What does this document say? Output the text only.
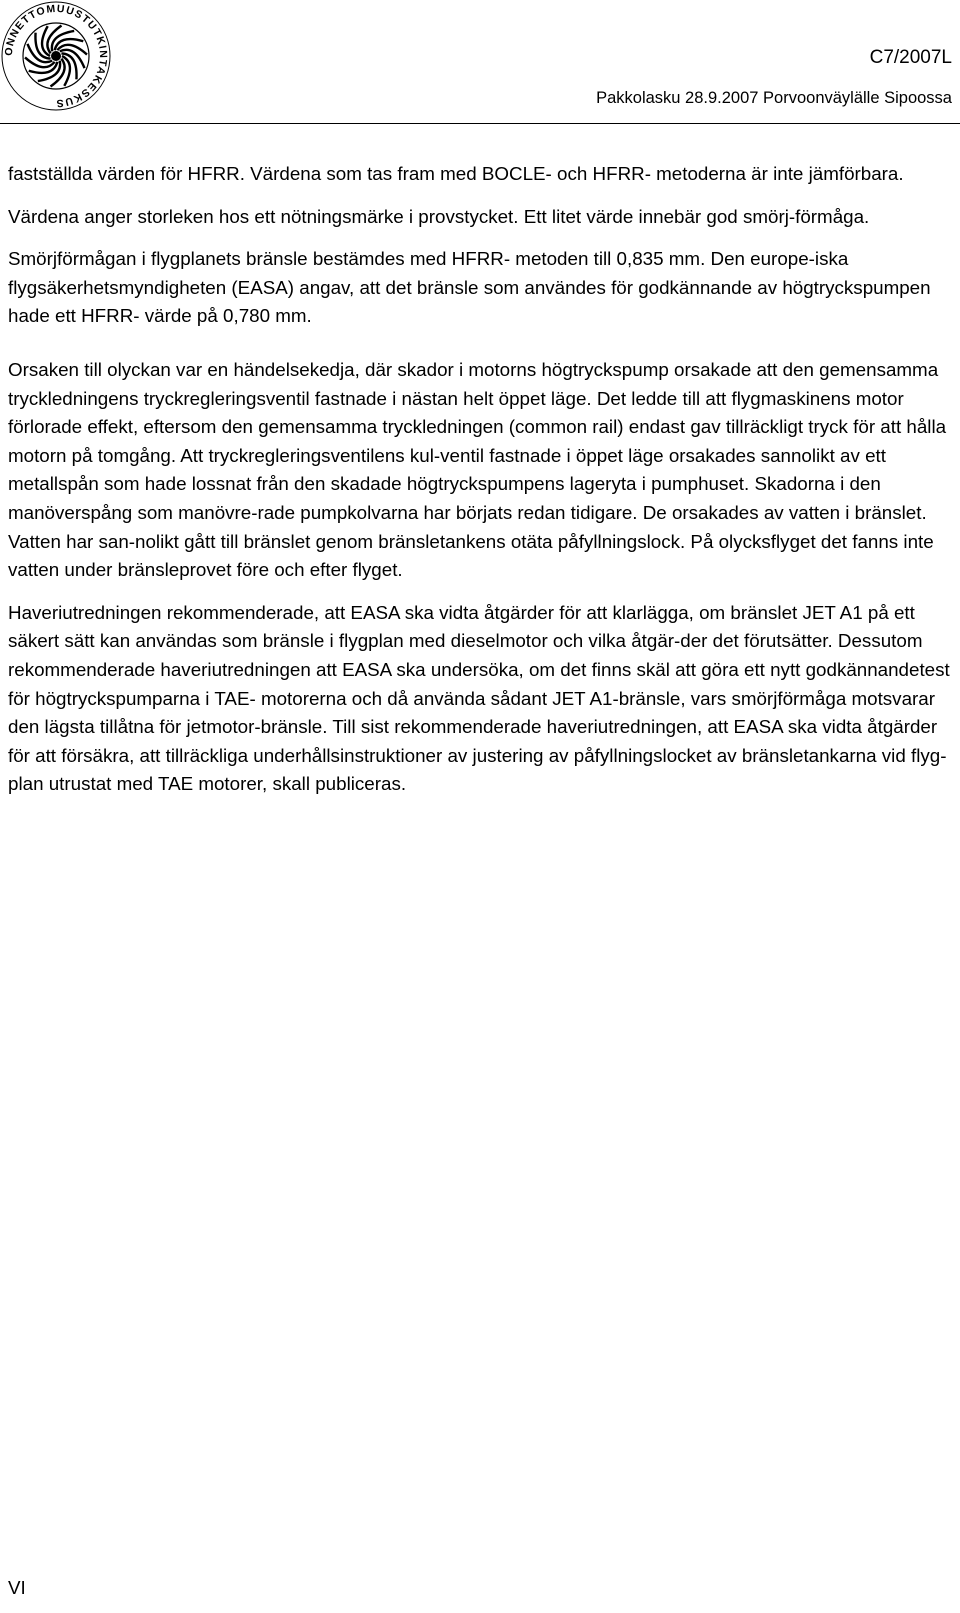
ONNETTOMUUSTUTKINTAKESKUS
C7/2007L
Pakkolasku 28.9.2007 Porvoonväylälle Sipoossa

fastställda värden för HFRR. Värdena som tas fram med BOCLE- och HFRR- metoderna är inte jämförbara.

Värdena anger storleken hos ett nötningsmärke i provstycket. Ett litet värde innebär god smörj-förmåga.

Smörjförmågan i flygplanets bränsle bestämdes med HFRR- metoden till 0,835 mm. Den europe-iska flygsäkerhetsmyndigheten (EASA) angav, att det bränsle som användes för godkännande av högtryckspumpen hade ett HFRR- värde på 0,780 mm.

Orsaken till olyckan var en händelsekedja, där skador i motorns högtryckspump orsakade att den gemensamma tryckledningens tryckregleringsventil fastnade i nästan helt öppet läge. Det ledde till att flygmaskinens motor förlorade effekt, eftersom den gemensamma tryckledningen (common rail) endast gav tillräckligt tryck för att hålla motorn på tomgång. Att tryckregleringsventilens kul-ventil fastnade i öppet läge orsakades sannolikt av ett metallspån som hade lossnat från den skadade högtryckspumpens lageryta i pumphuset. Skadorna i den manöverspång som manövre-rade pumpkolvarna har börjats redan tidigare. De orsakades av vatten i bränslet. Vatten har san-nolikt gått till bränslet genom bränsletankens otäta påfyllningslock. På olycksflyget det fanns inte vatten under bränsleprovet före och efter flyget.

Haveriutredningen rekommenderade, att EASA ska vidta åtgärder för att klarlägga, om bränslet JET A1 på ett säkert sätt kan användas som bränsle i flygplan med dieselmotor och vilka åtgär-der det förutsätter. Dessutom rekommenderade haveriutredningen att EASA ska undersöka, om det finns skäl att göra ett nytt godkännandetest för högtryckspumparna i TAE- motorerna och då använda sådant JET A1-bränsle, vars smörjförmåga motsvarar den lägsta tillåtna för jetmotor-bränsle. Till sist rekommenderade haveriutredningen, att EASA ska vidta åtgärder för att försäkra, att tillräckliga underhållsinstruktioner av justering av påfyllningslocket av bränsletankarna vid flyg-plan utrustat med TAE motorer, skall publiceras.

VI
